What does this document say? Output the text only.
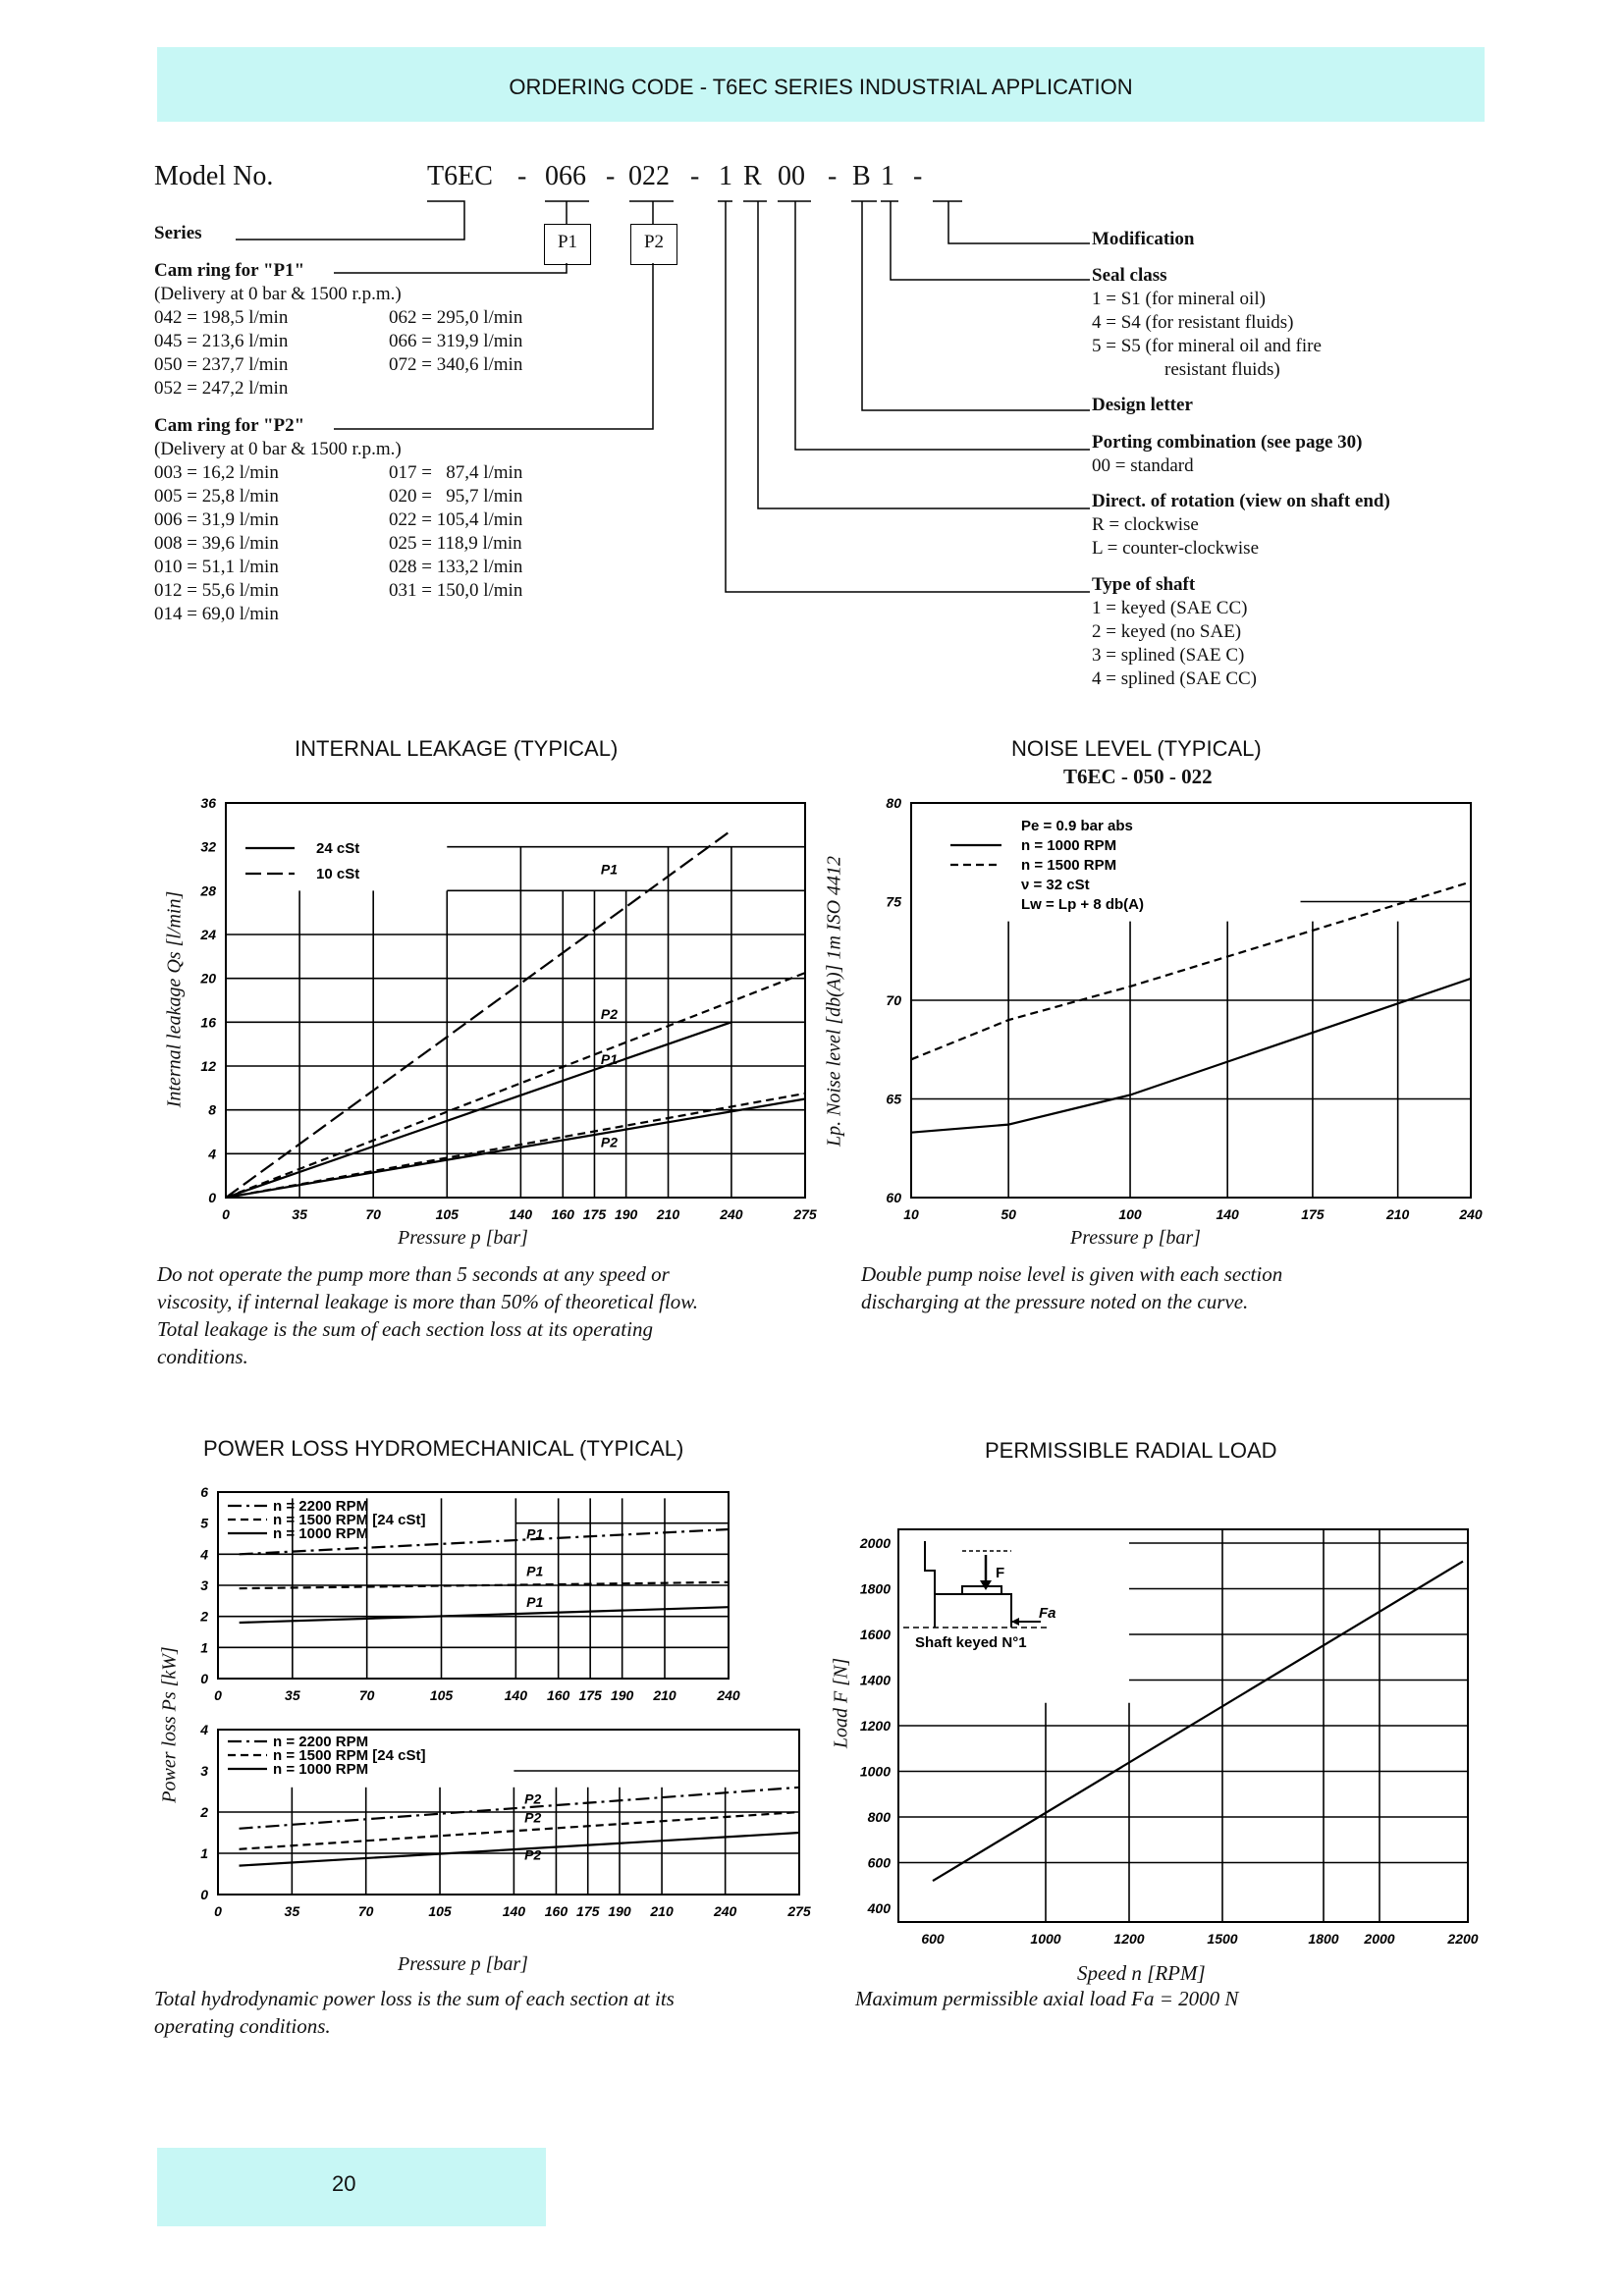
ORDERING CODE - T6EC SERIES INDUSTRIAL APPLICATION
Model No.	T6EC - 066 - 022 - 1 R 00 - B 1 -
P1	P2
Series
Cam ring for "P1"
(Delivery at 0 bar & 1500 r.p.m.)
042 = 198,5 l/min
045 = 213,6 l/min
050 = 237,7 l/min
052 = 247,2 l/min
062 = 295,0 l/min
066 = 319,9 l/min
072 = 340,6 l/min
Cam ring for "P2"
(Delivery at 0 bar & 1500 r.p.m.)
003 = 16,2 l/min
005 = 25,8 l/min
006 = 31,9 l/min
008 = 39,6 l/min
010 = 51,1 l/min
012 = 55,6 l/min
014 = 69,0 l/min
017 =   87,4 l/min
020 =   95,7 l/min
022 = 105,4 l/min
025 = 118,9 l/min
028 = 133,2 l/min
031 = 150,0 l/min
Modification
Seal class
1 = S1 (for mineral oil)
4 = S4 (for resistant fluids)
5 = S5 (for mineral oil and fire
resistant fluids)
Design letter
Porting combination (see page 30)
00 = standard
Direct. of rotation (view on shaft end)
R = clockwise
L = counter-clockwise
Type of shaft
1 = keyed (SAE CC)
2 = keyed (no SAE)
3 = splined (SAE C)
4 = splined (SAE CC)
INTERNAL LEAKAGE (TYPICAL)
0	35	70	105	140 160 175 190 210	240	275
0
4
8
12
16
20
24
28
32
36
24 cSt
10 cSt	P1
P2
P1
P2
Pressure p [bar]
Internal leakage Qs [l/min]
Do not operate the pump more than 5 seconds at any speed or
viscosity, if internal leakage is more than 50% of theoretical flow.
Total leakage is the sum of each section loss at its operating
conditions.
NOISE LEVEL (TYPICAL)
T6EC - 050 - 022
10	50	100	140	175	210	240
60
65
70
75
80
Pe = 0.9 bar abs
n = 1000 RPM
n = 1500 RPM
ν = 32 cSt
Lw = Lp + 8 db(A)
Pressure p [bar]
Lp. Noise level [db(A)] 1m ISO 4412
Double pump noise level is given with each section
discharging at the pressure noted on the curve.
POWER LOSS HYDROMECHANICAL (TYPICAL)
0	35	70	105	140 160 175 190 210	240
0
1
2
3
4
5
6
n = 2200 RPM
n = 1500 RPM [24 cSt]
n = 1000 RPM	P1
P1
P1
0	35	70	105	140 160 175 190 210	240	275
0
1
2
3
4
n = 2200 RPM
n = 1500 RPM [24 cSt]
n = 1000 RPM
P2
P2
P2
Pressure p [bar]
Power loss Ps [kW]
Total hydrodynamic power loss is the sum of each section at its
operating conditions.
PERMISSIBLE RADIAL LOAD
600	1000	1200	1500	1800 2000	2200
400
600
800
1000
1200
1400
1600
1800
2000
F
Fa
Shaft keyed N°1
Speed n [RPM]
Load F [N]
Maximum permissible axial load Fa = 2000 N
20
